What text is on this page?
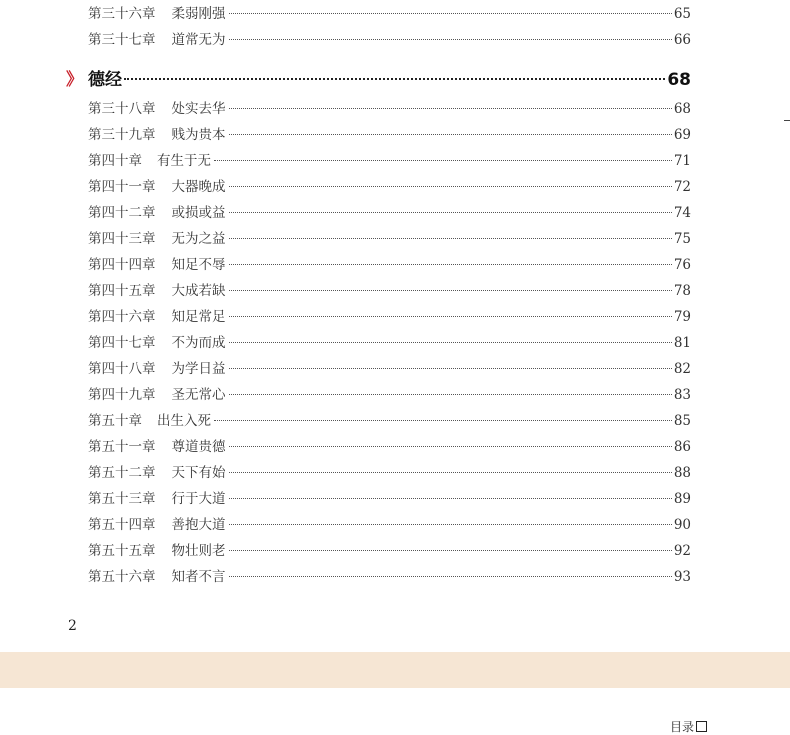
第三十六章 柔弱刚强	65
第三十七章 道常无为	66
》 德经	68
第三十八章 处实去华	68
第三十九章 贱为贵本	69
第四十章 有生于无	71
第四十一章 大器晚成	72
第四十二章 或损或益	74
第四十三章 无为之益	75
第四十四章 知足不辱	76
第四十五章 大成若缺	78
第四十六章 知足常足	79
第四十七章 不为而成	81
第四十八章 为学日益	82
第四十九章 圣无常心	83
第五十章 出生入死	85
第五十一章 尊道贵德	86
第五十二章 天下有始	88
第五十三章 行于大道	89
第五十四章 善抱大道	90
第五十五章 物壮则老	92
第五十六章 知者不言	93
2
目录
